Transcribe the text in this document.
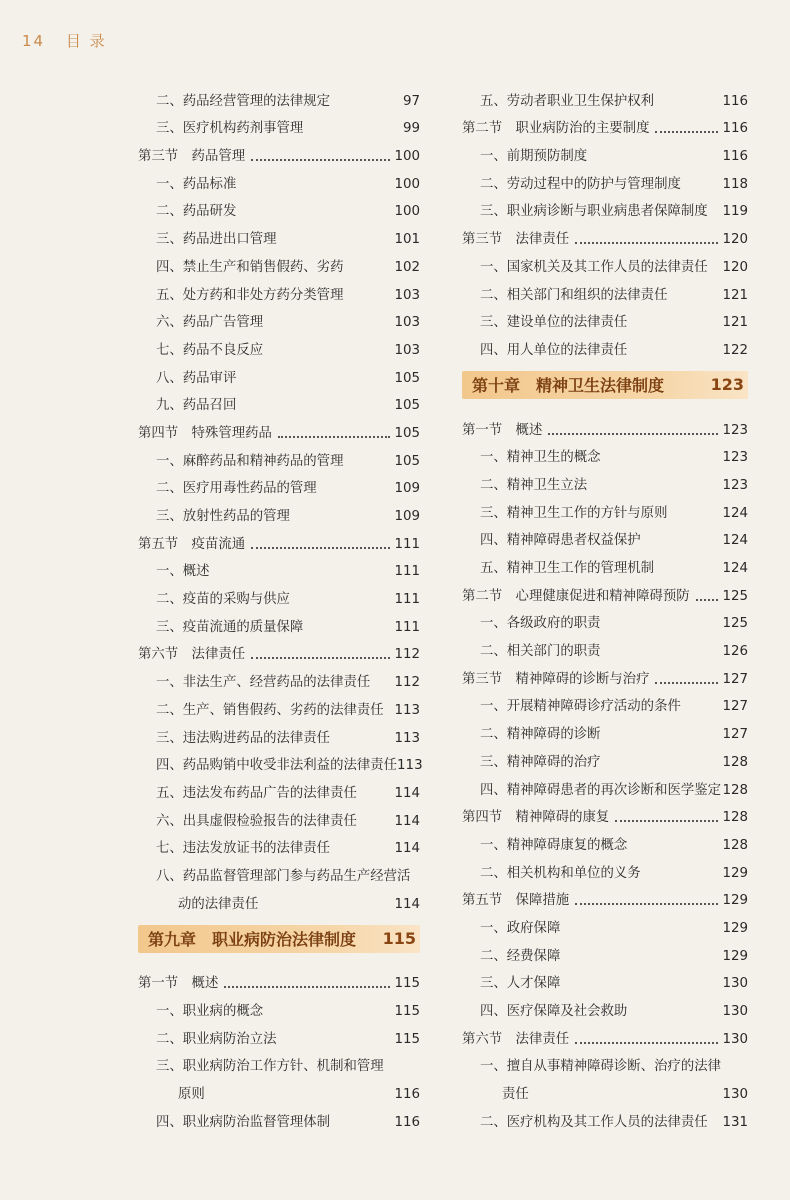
14 目 录
二、药品经营管理的法律规定	97
三、医疗机构药剂事管理	99
第三节　药品管理	100
一、药品标准	100
二、药品研发	100
三、药品进出口管理	101
四、禁止生产和销售假药、劣药	102
五、处方药和非处方药分类管理	103
六、药品广告管理	103
七、药品不良反应	103
八、药品审评	105
九、药品召回	105
第四节　特殊管理药品	105
一、麻醉药品和精神药品的管理	105
二、医疗用毒性药品的管理	109
三、放射性药品的管理	109
第五节　疫苗流通	111
一、概述	111
二、疫苗的采购与供应	111
三、疫苗流通的质量保障	111
第六节　法律责任	112
一、非法生产、经营药品的法律责任 112
二、生产、销售假药、劣药的法律责任 113
三、违法购进药品的法律责任	113
四、药品购销中收受非法利益的法律责任 113
五、违法发布药品广告的法律责任	114
六、出具虚假检验报告的法律责任	114
七、违法发放证书的法律责任	114
八、药品监督管理部门参与药品生产经营活
动的法律责任	114
第九章　职业病防治法律制度 115
第一节　概述	115
一、职业病的概念	115
二、职业病防治立法	115
三、职业病防治工作方针、机制和管理
原则	116
四、职业病防治监督管理体制	116
五、劳动者职业卫生保护权利	116
第二节　职业病防治的主要制度	116
一、前期预防制度	116
二、劳动过程中的防护与管理制度	118
三、职业病诊断与职业病患者保障制度 119
第三节　法律责任	120
一、国家机关及其工作人员的法律责任 120
二、相关部门和组织的法律责任	121
三、建设单位的法律责任	121
四、用人单位的法律责任	122
第十章　精神卫生法律制度	123
第一节　概述	123
一、精神卫生的概念	123
二、精神卫生立法	123
三、精神卫生工作的方针与原则	124
四、精神障碍患者权益保护	124
五、精神卫生工作的管理机制	124
第二节　心理健康促进和精神障碍预防 125
一、各级政府的职责	125
二、相关部门的职责	126
第三节　精神障碍的诊断与治疗	127
一、开展精神障碍诊疗活动的条件	127
二、精神障碍的诊断	127
三、精神障碍的治疗	128
四、精神障碍患者的再次诊断和医学鉴定 128
第四节　精神障碍的康复	128
一、精神障碍康复的概念	128
二、相关机构和单位的义务	129
第五节　保障措施	129
一、政府保障	129
二、经费保障	129
三、人才保障	130
四、医疗保障及社会救助	130
第六节　法律责任	130
一、擅自从事精神障碍诊断、治疗的法律
责任	130
二、医疗机构及其工作人员的法律责任 131
